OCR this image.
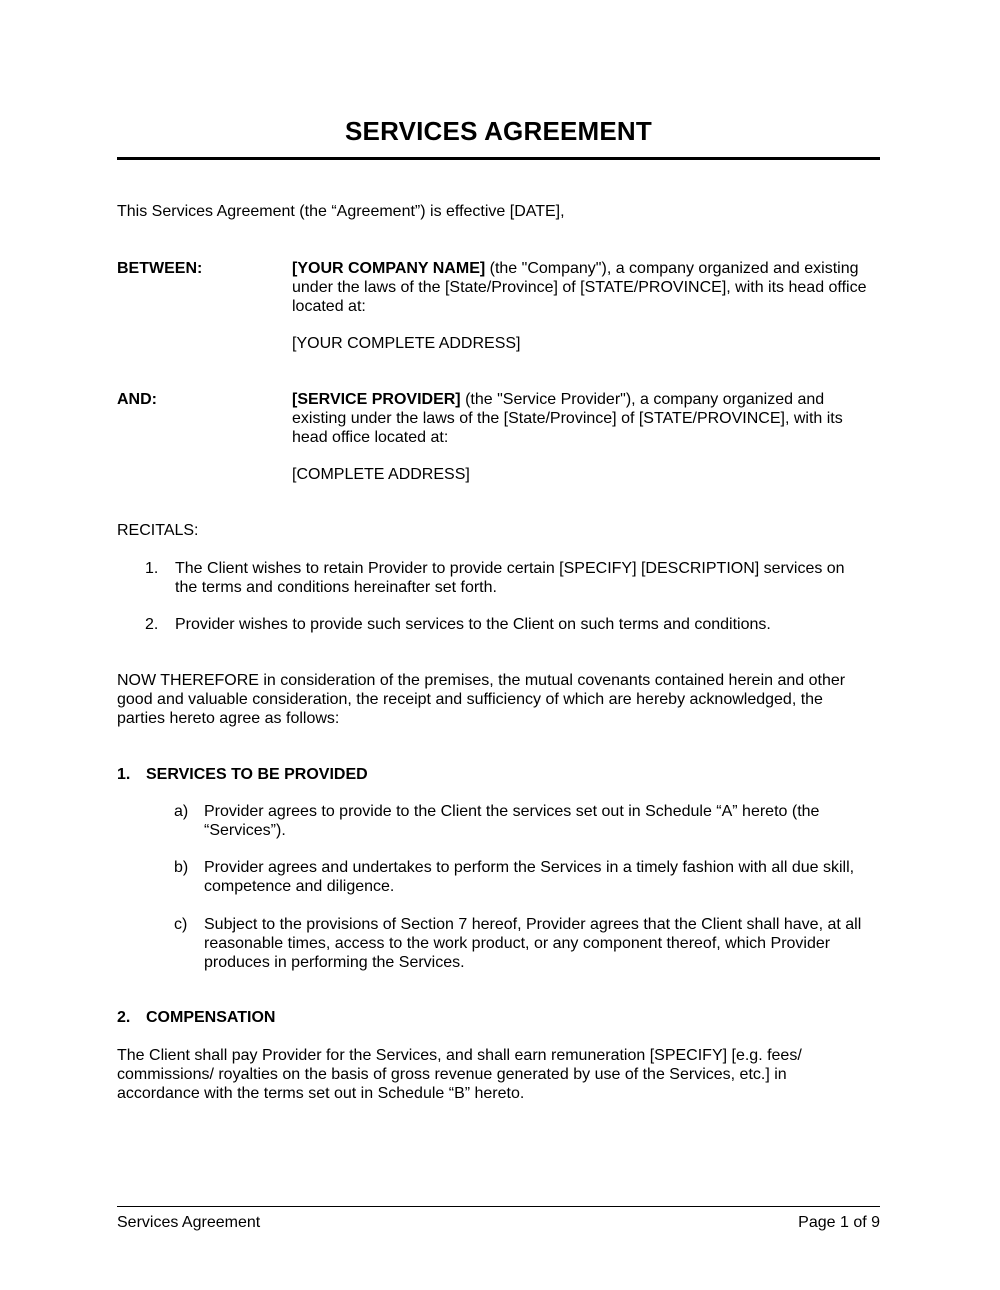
SERVICES AGREEMENT
This Services Agreement (the “Agreement”) is effective [DATE],
BETWEEN:	[YOUR COMPANY NAME] (the "Company"), a company organized and existing
under the laws of the [State/Province] of [STATE/PROVINCE], with its head office
located at:
[YOUR COMPLETE ADDRESS]
AND:	[SERVICE PROVIDER] (the "Service Provider"), a company organized and
existing under the laws of the [State/Province] of [STATE/PROVINCE], with its
head office located at:
[COMPLETE ADDRESS]
RECITALS:
1. The Client wishes to retain Provider to provide certain [SPECIFY] [DESCRIPTION] services on
the terms and conditions hereinafter set forth.
2. Provider wishes to provide such services to the Client on such terms and conditions.
NOW THEREFORE in consideration of the premises, the mutual covenants contained herein and other
good and valuable consideration, the receipt and sufficiency of which are hereby acknowledged, the
parties hereto agree as follows:
1. SERVICES TO BE PROVIDED
a) Provider agrees to provide to the Client the services set out in Schedule “A” hereto (the
“Services”).
b) Provider agrees and undertakes to perform the Services in a timely fashion with all due skill,
competence and diligence.
c) Subject to the provisions of Section 7 hereof, Provider agrees that the Client shall have, at all
reasonable times, access to the work product, or any component thereof, which Provider
produces in performing the Services.
2. COMPENSATION
The Client shall pay Provider for the Services, and shall earn remuneration [SPECIFY] [e.g. fees/
commissions/ royalties on the basis of gross revenue generated by use of the Services, etc.] in
accordance with the terms set out in Schedule “B” hereto.
Services Agreement	Page 1 of 9
